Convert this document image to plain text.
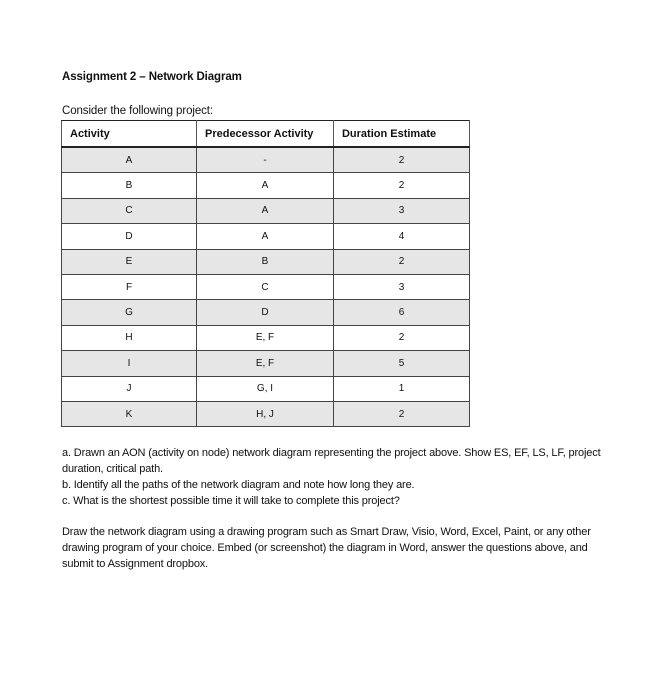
Assignment 2 – Network Diagram
Consider the following project:
Activity	Predecessor Activity	Duration Estimate
A	-	2
B	A	2
C	A	3
D	A	4
E	B	2
F	C	3
G	D	6
H	E, F	2
I	E, F	5
J	G, I	1
K	H, J	2

a. Drawn an AON (activity on node) network diagram representing the project above. Show ES, EF, LS, LF, project duration, critical path.

b. Identify all the paths of the network diagram and note how long they are.

c. What is the shortest possible time it will take to complete this project?

Draw the network diagram using a drawing program such as Smart Draw, Visio, Word, Excel, Paint, or any other drawing program of your choice. Embed (or screenshot) the diagram in Word, answer the questions above, and submit to Assignment dropbox.
